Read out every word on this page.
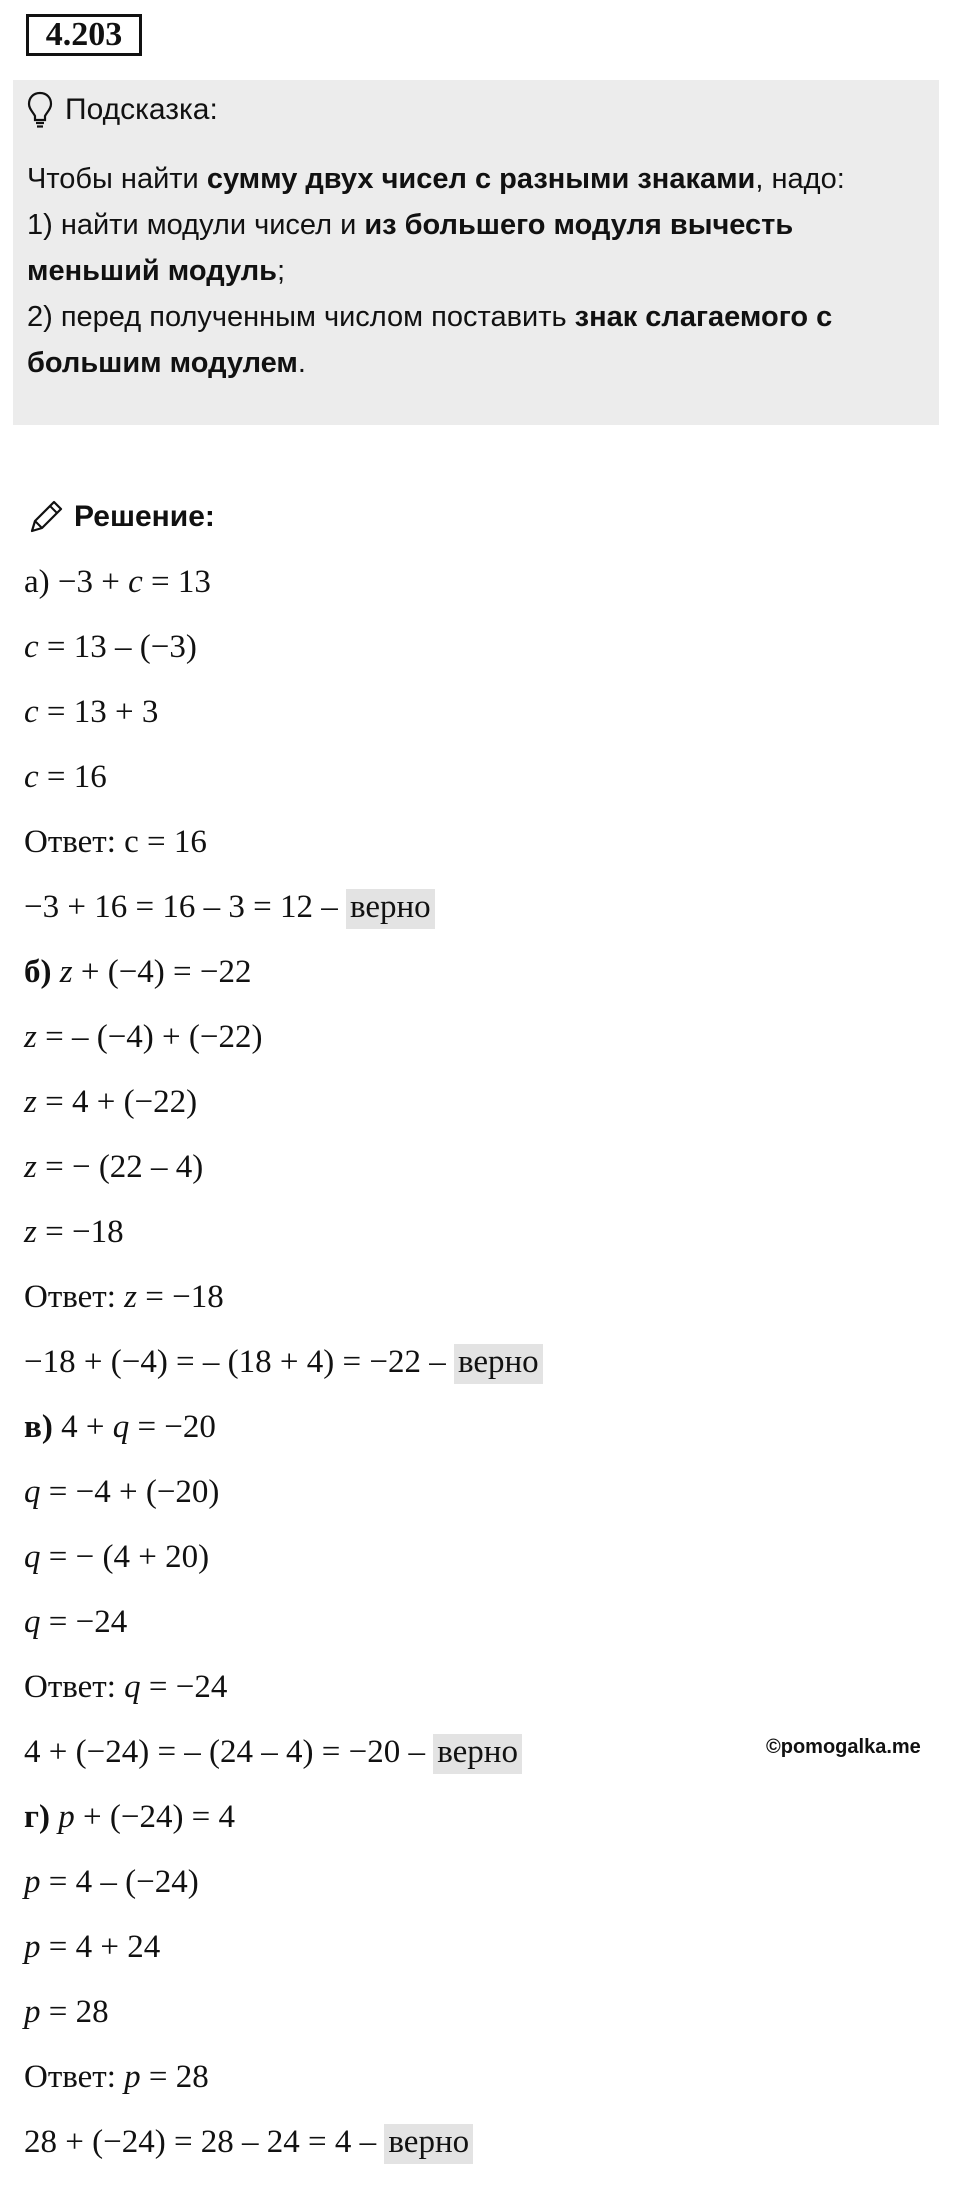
4.203
Подсказка:
Чтобы найти сумму двух чисел с разными знаками, надо:
1) найти модули чисел и из большего модуля вычесть меньший модуль;
2) перед полученным числом поставить знак слагаемого с большим модулем.
Решение:
а) −3 + c = 13
c = 13 – (−3)
c = 13 + 3
c = 16
Ответ: c = 16
−3 + 16 = 16 – 3 = 12 – верно
б) z + (−4) = −22
z = – (−4) + (−22)
z = 4 + (−22)
z = − (22 – 4)
z = −18
Ответ: z = −18
−18 + (−4) = – (18 + 4) = −22 – верно
в) 4 + q = −20
q = −4 + (−20)
q = − (4 + 20)
q = −24
Ответ: q = −24
4 + (−24) = – (24 – 4) = −20 – верно
г) p + (−24) = 4
p = 4 – (−24)
p = 4 + 24
p = 28
Ответ: p = 28
28 + (−24) = 28 – 24 = 4 – верно
©pomogalka.me
